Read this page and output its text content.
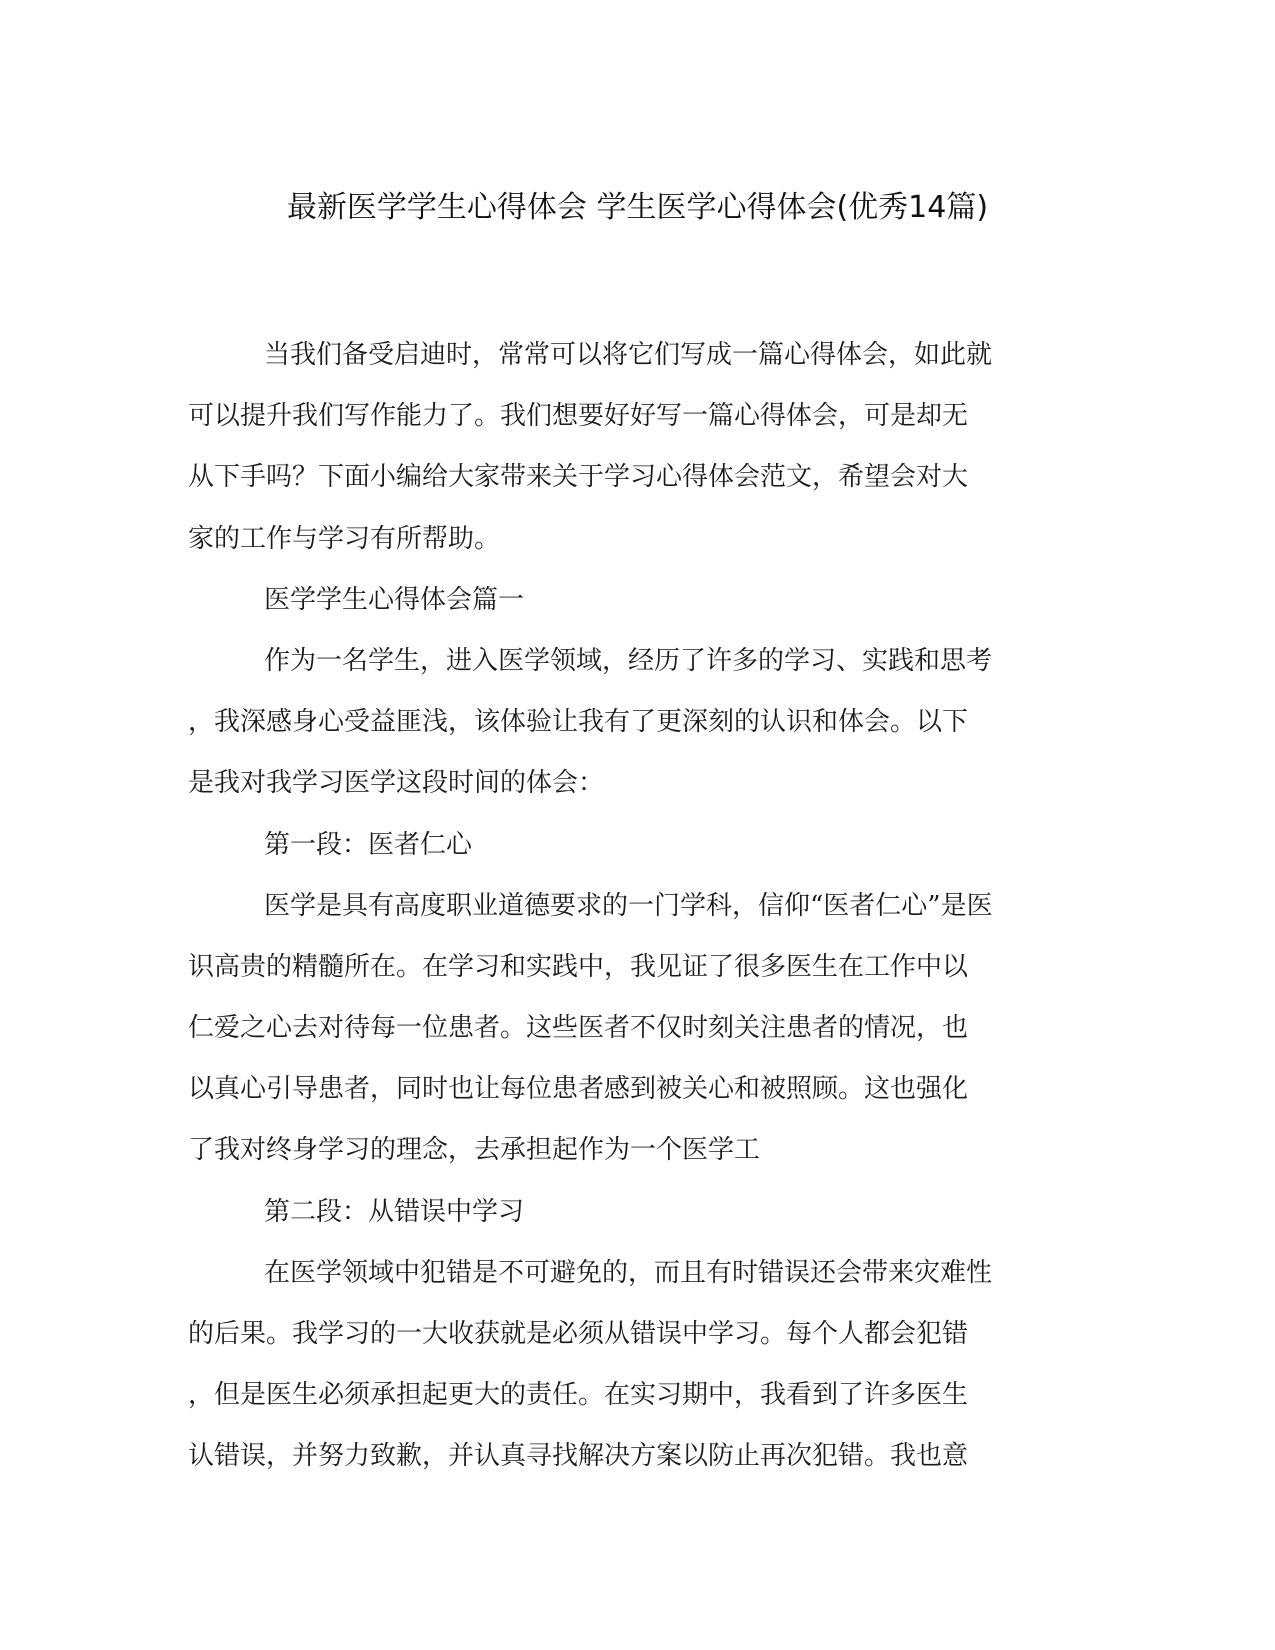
最新医学学生心得体会 学生医学心得体会(优秀14篇)
当我们备受启迪时，常常可以将它们写成一篇心得体会，如此就
可以提升我们写作能力了。我们想要好好写一篇心得体会，可是却无
从下手吗？下面小编给大家带来关于学习心得体会范文，希望会对大
家的工作与学习有所帮助。
医学学生心得体会篇一
作为一名学生，进入医学领域，经历了许多的学习、实践和思考
，我深感身心受益匪浅，该体验让我有了更深刻的认识和体会。以下
是我对我学习医学这段时间的体会：
第一段：医者仁心
医学是具有高度职业道德要求的一门学科，信仰“医者仁心”是医
识高贵的精髓所在。在学习和实践中，我见证了很多医生在工作中以
仁爱之心去对待每一位患者。这些医者不仅时刻关注患者的情况，也
以真心引导患者，同时也让每位患者感到被关心和被照顾。这也强化
了我对终身学习的理念，去承担起作为一个医学工
第二段：从错误中学习
在医学领域中犯错是不可避免的，而且有时错误还会带来灾难性
的后果。我学习的一大收获就是必须从错误中学习。每个人都会犯错
，但是医生必须承担起更大的责任。在实习期中，我看到了许多医生
认错误，并努力致歉，并认真寻找解决方案以防止再次犯错。我也意
